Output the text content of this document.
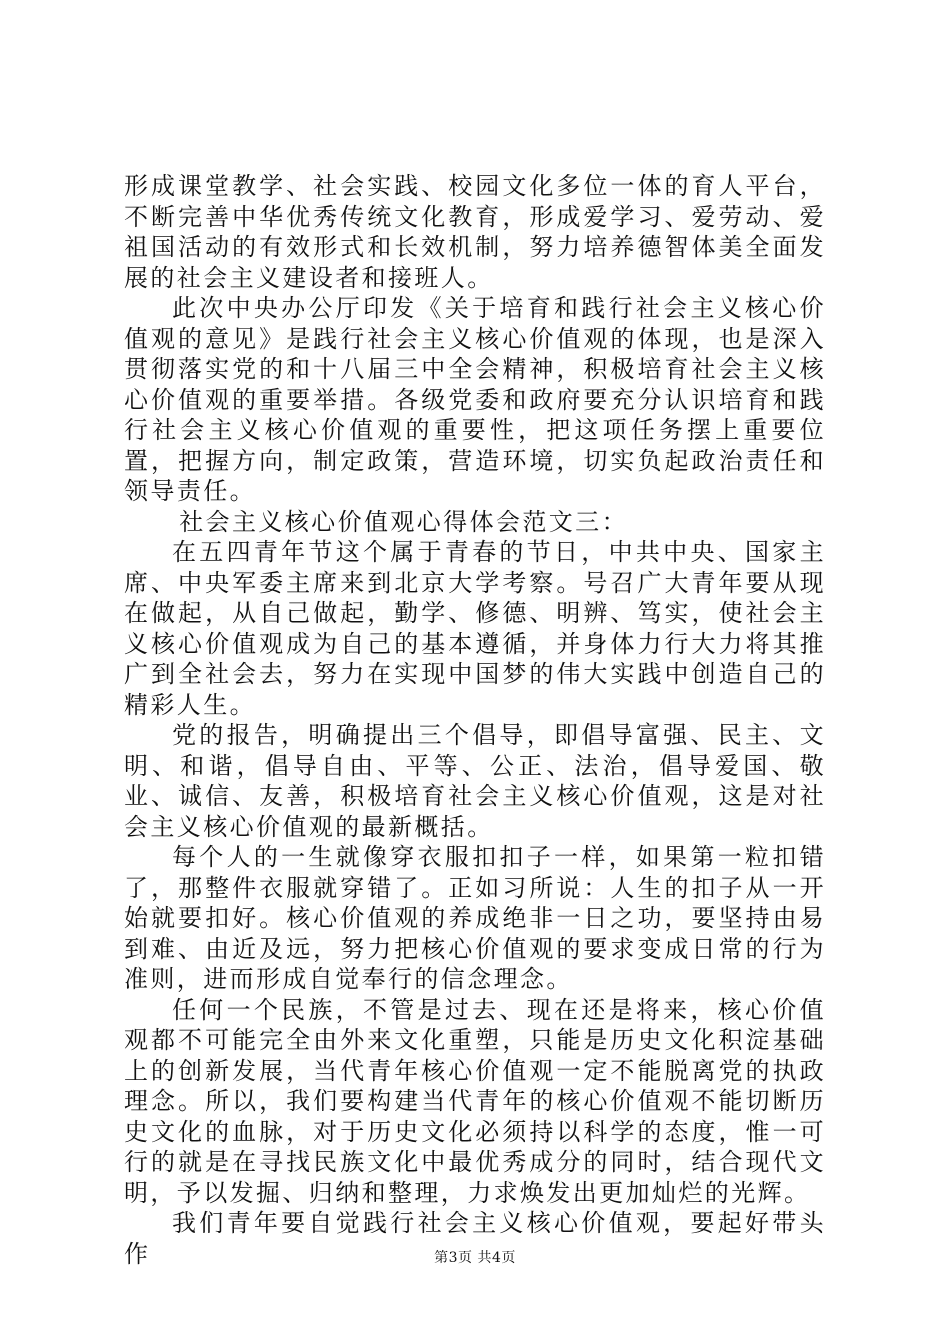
形成课堂教学、社会实践、校园文化多位一体的育人平台，不断完善中华优秀传统文化教育，形成爱学习、爱劳动、爱祖国活动的有效形式和长效机制，努力培养德智体美全面发展的社会主义建设者和接班人。

此次中央办公厅印发《关于培育和践行社会主义核心价值观的意见》是践行社会主义核心价值观的体现，也是深入贯彻落实党的和十八届三中全会精神，积极培育社会主义核心价值观的重要举措。各级党委和政府要充分认识培育和践行社会主义核心价值观的重要性，把这项任务摆上重要位置，把握方向，制定政策，营造环境，切实负起政治责任和领导责任。

社会主义核心价值观心得体会范文三：

在五四青年节这个属于青春的节日，中共中央、国家主席、中央军委主席来到北京大学考察。号召广大青年要从现在做起，从自己做起，勤学、修德、明辨、笃实，使社会主义核心价值观成为自己的基本遵循，并身体力行大力将其推广到全社会去，努力在实现中国梦的伟大实践中创造自己的精彩人生。

党的报告，明确提出三个倡导，即倡导富强、民主、文明、和谐，倡导自由、平等、公正、法治，倡导爱国、敬业、诚信、友善，积极培育社会主义核心价值观，这是对社会主义核心价值观的最新概括。

每个人的一生就像穿衣服扣扣子一样，如果第一粒扣错了，那整件衣服就穿错了。正如习所说：人生的扣子从一开始就要扣好。核心价值观的养成绝非一日之功，要坚持由易到难、由近及远，努力把核心价值观的要求变成日常的行为准则，进而形成自觉奉行的信念理念。

任何一个民族，不管是过去、现在还是将来，核心价值观都不可能完全由外来文化重塑，只能是历史文化积淀基础上的创新发展，当代青年核心价值观一定不能脱离党的执政理念。所以，我们要构建当代青年的核心价值观不能切断历史文化的血脉，对于历史文化必须持以科学的态度，惟一可行的就是在寻找民族文化中最优秀成分的同时，结合现代文明，予以发掘、归纳和整理，力求焕发出更加灿烂的光辉。

我们青年要自觉践行社会主义核心价值观，要起好带头作	第3页 共4页
